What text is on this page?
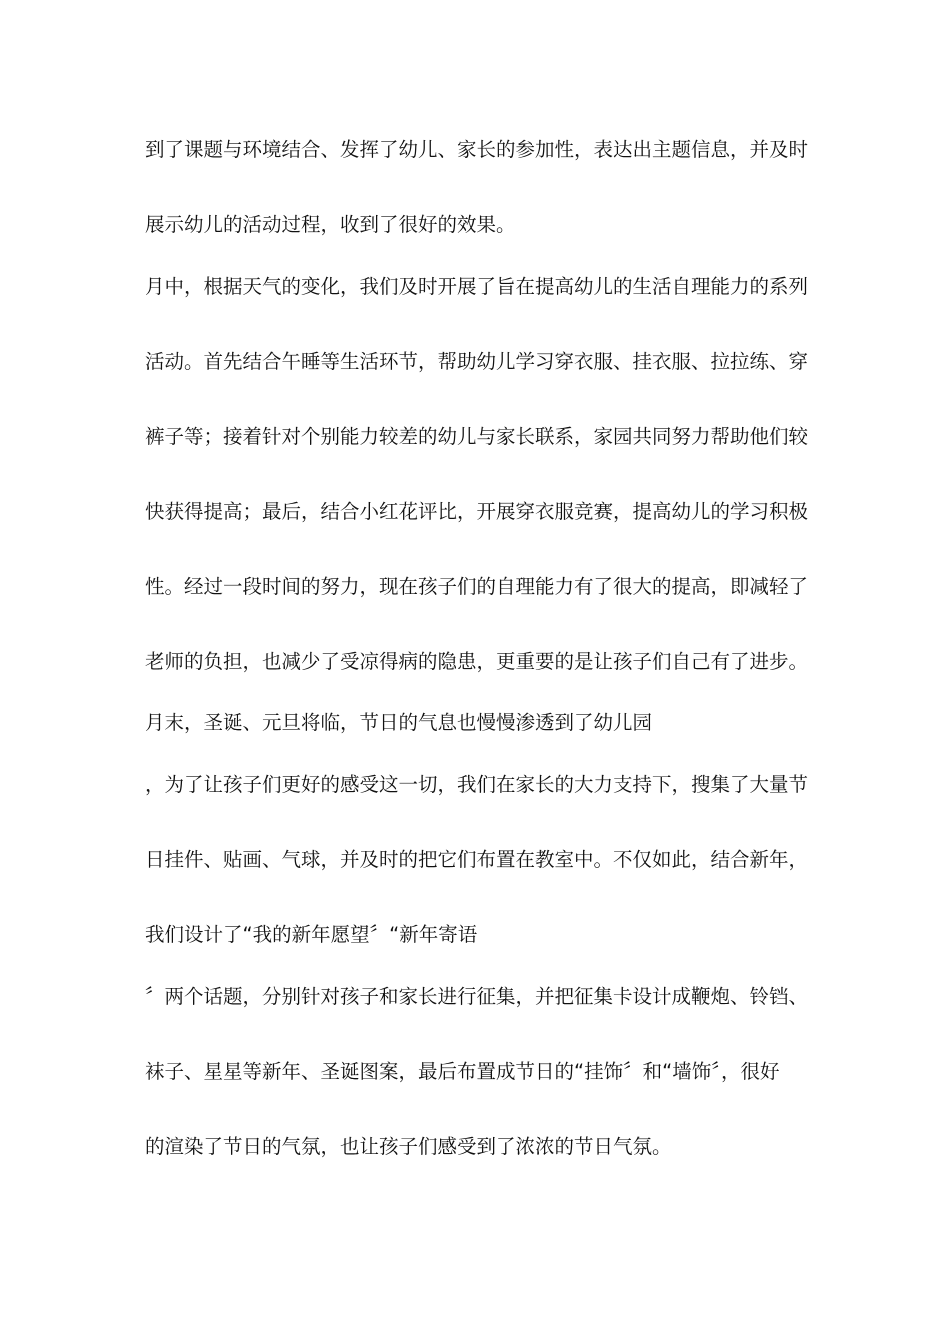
到了课题与环境结合、发挥了幼儿、家长的参加性，表达出主题信息，并及时
展示幼儿的活动过程，收到了很好的效果。
月中，根据天气的变化，我们及时开展了旨在提高幼儿的生活自理能力的系列
活动。首先结合午睡等生活环节，帮助幼儿学习穿衣服、挂衣服、拉拉练、穿
裤子等；接着针对个别能力较差的幼儿与家长联系，家园共同努力帮助他们较
快获得提高；最后，结合小红花评比，开展穿衣服竞赛，提高幼儿的学习积极
性。经过一段时间的努力，现在孩子们的自理能力有了很大的提高，即减轻了
老师的负担，也减少了受凉得病的隐患，更重要的是让孩子们自己有了进步。
月末，圣诞、元旦将临，节日的气息也慢慢渗透到了幼儿园
，为了让孩子们更好的感受这一切，我们在家长的大力支持下，搜集了大量节
日挂件、贴画、气球，并及时的把它们布置在教室中。不仅如此，结合新年，
我们设计了“我的新年愿望〞“新年寄语
〞两个话题，分别针对孩子和家长进行征集，并把征集卡设计成鞭炮、铃铛、
袜子、星星等新年、圣诞图案，最后布置成节日的“挂饰〞和“墙饰〞，很好
的渲染了节日的气氛，也让孩子们感受到了浓浓的节日气氛。
